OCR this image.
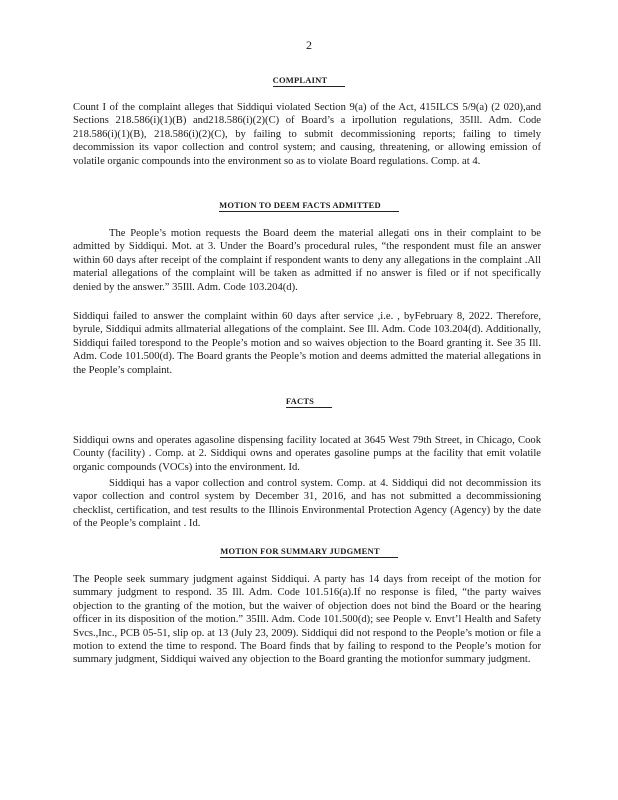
2
COMPLAINT

Count I of the complaint alleges that Siddiqui violated Section 9(a) of the Act, 415ILCS 5/9(a) (2 020),and Sections 218.586(i)(1)(B) and218.586(i)(2)(C) of Board’s a irpollution regulations, 35Ill. Adm. Code 218.586(i)(1)(B), 218.586(i)(2)(C), by failing to submit decommissioning reports; failing to timely decommission its vapor collection and control system; and causing, threatening, or allowing emission of volatile organic compounds into the environment so as to violate Board regulations. Comp. at 4.

MOTION TO DEEM FACTS ADMITTED

The People’s motion requests the Board deem the material allegati ons in their complaint to be admitted by Siddiqui. Mot. at 3. Under the Board’s procedural rules, “the respondent must file an answer within 60 days after receipt of the complaint if respondent wants to deny any allegations in the complaint .All material allegations of the complaint will be taken as admitted if no answer is filed or if not specifically denied by the answer.” 35Ill. Adm. Code 103.204(d).

Siddiqui failed to answer the complaint within 60 days after service ,i.e. , byFebruary 8, 2022. Therefore, byrule, Siddiqui admits allmaterial allegations of the complaint. See Ill. Adm. Code 103.204(d). Additionally, Siddiqui failed torespond to the People’s motion and so waives objection to the Board granting it. See 35 Ill. Adm. Code 101.500(d). The Board grants the People’s motion and deems admitted the material allegations in the People’s complaint.

FACTS

Siddiqui owns and operates agasoline dispensing facility located at 3645 West 79th Street, in Chicago, Cook County (facility) . Comp. at 2. Siddiqui owns and operates gasoline pumps at the facility that emit volatile organic compounds (VOCs) into the environment. Id.

Siddiqui has a vapor collection and control system. Comp. at 4. Siddiqui did not decommission its vapor collection and control system by December 31, 2016, and has not submitted a decommissioning checklist, certification, and test results to the Illinois Environmental Protection Agency (Agency) by the date of the People’s complaint . Id.

MOTION FOR SUMMARY JUDGMENT

The People seek summary judgment against Siddiqui. A party has 14 days from receipt of the motion for summary judgment to respond. 35 Ill. Adm. Code 101.516(a).If no response is filed, “the party waives objection to the granting of the motion, but the waiver of objection does not bind the Board or the hearing officer in its disposition of the motion.” 35Ill. Adm. Code 101.500(d); see People v. Envt’l Health and Safety Svcs.,Inc., PCB 05-51, slip op. at 13 (July 23, 2009). Siddiqui did not respond to the People’s motion or file a motion to extend the time to respond. The Board finds that by failing to respond to the People’s motion for summary judgment, Siddiqui waived any objection to the Board granting the motionfor summary judgment.
